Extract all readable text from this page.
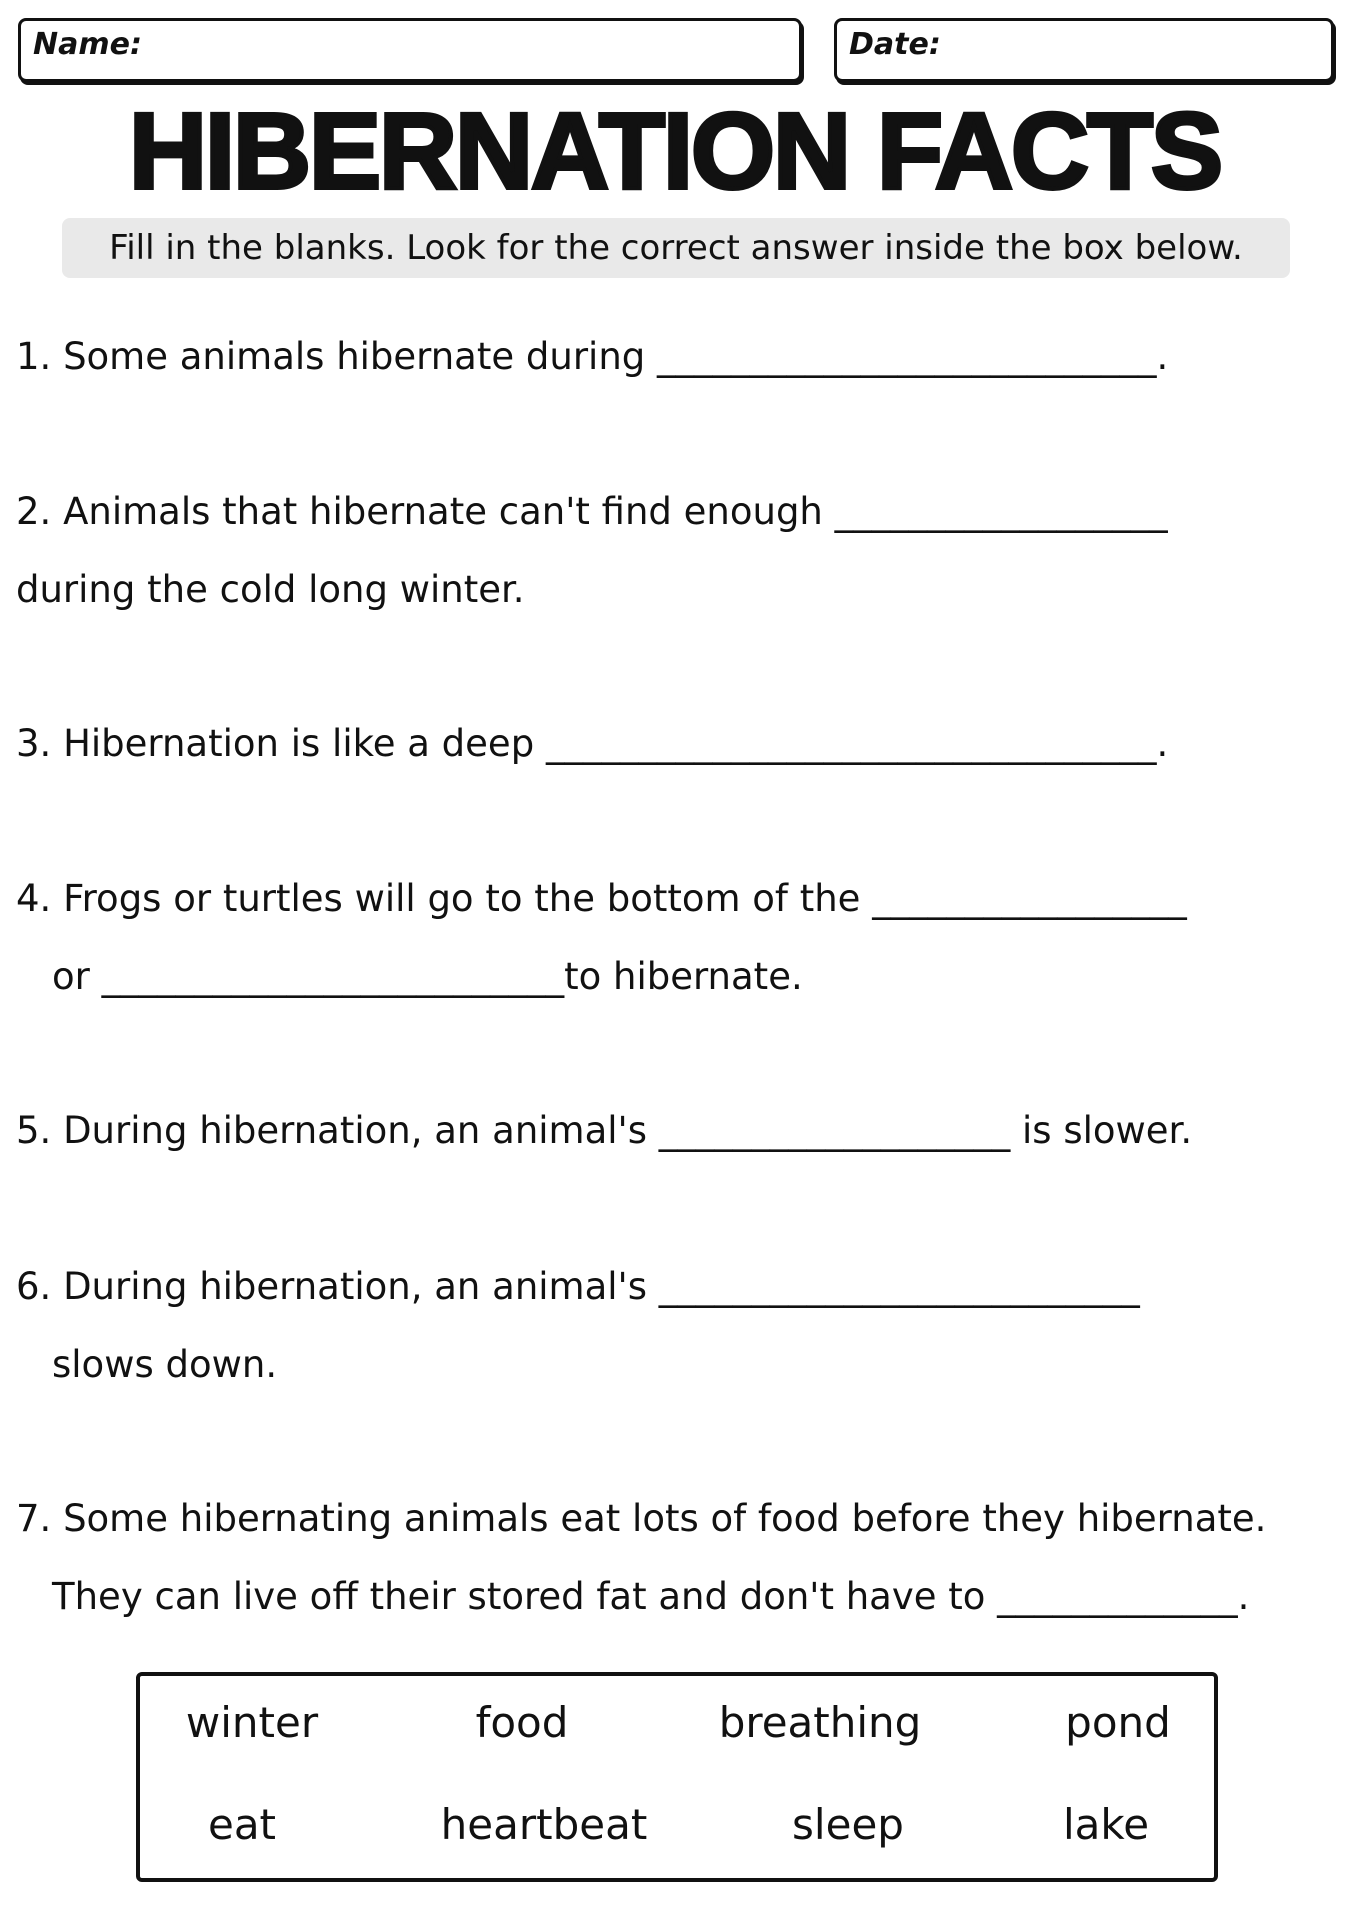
Name:	Date:
HIBERNATION FACTS
Fill in the blanks. Look for the correct answer inside the box below.
1. Some animals hibernate during ___________________________.
2. Animals that hibernate can't find enough __________________
during the cold long winter.
3. Hibernation is like a deep _________________________________.
4. Frogs or turtles will go to the bottom of the _________________
or _________________________to hibernate.
5. During hibernation, an animal's ___________________ is slower.
6. During hibernation, an animal's __________________________
slows down.
7. Some hibernating animals eat lots of food before they hibernate.
They can live off their stored fat and don't have to _____________.
winter	food	breathing	pond
eat	heartbeat	sleep	lake
